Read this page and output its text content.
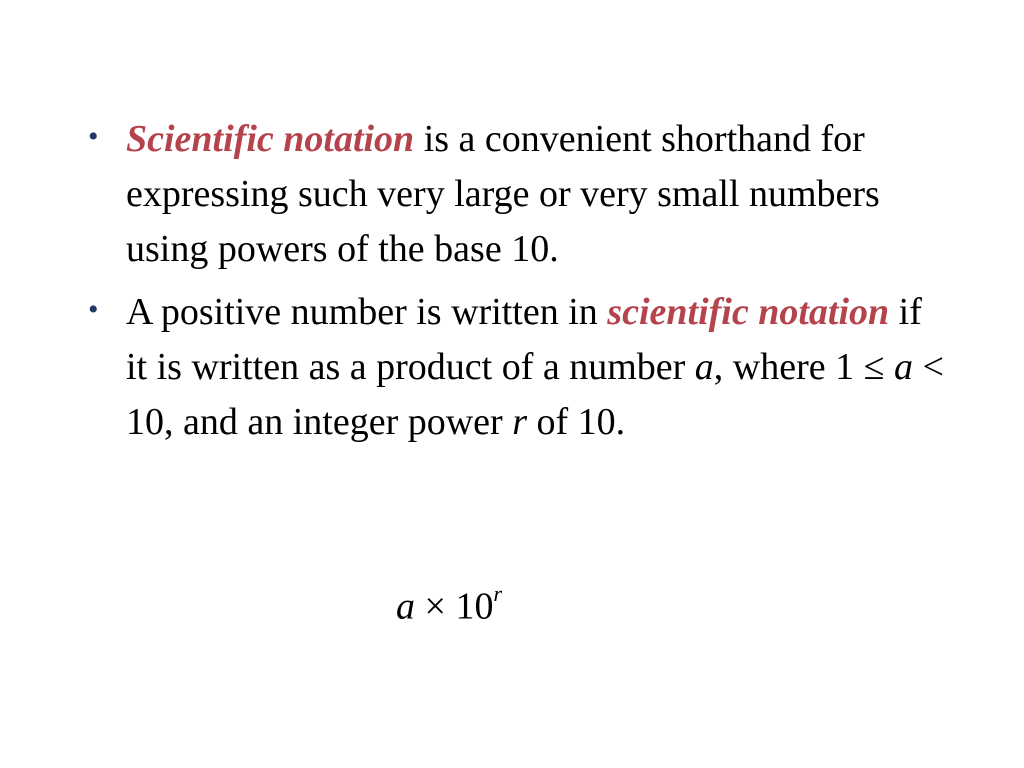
• Scientific notation is a convenient shorthand for expressing such very large or very small numbers using powers of the base 10.
• A positive number is written in scientific notation if it is written as a product of a number a, where 1 ≤ a < 10, and an integer power r of 10.
$a \times 10^r$
